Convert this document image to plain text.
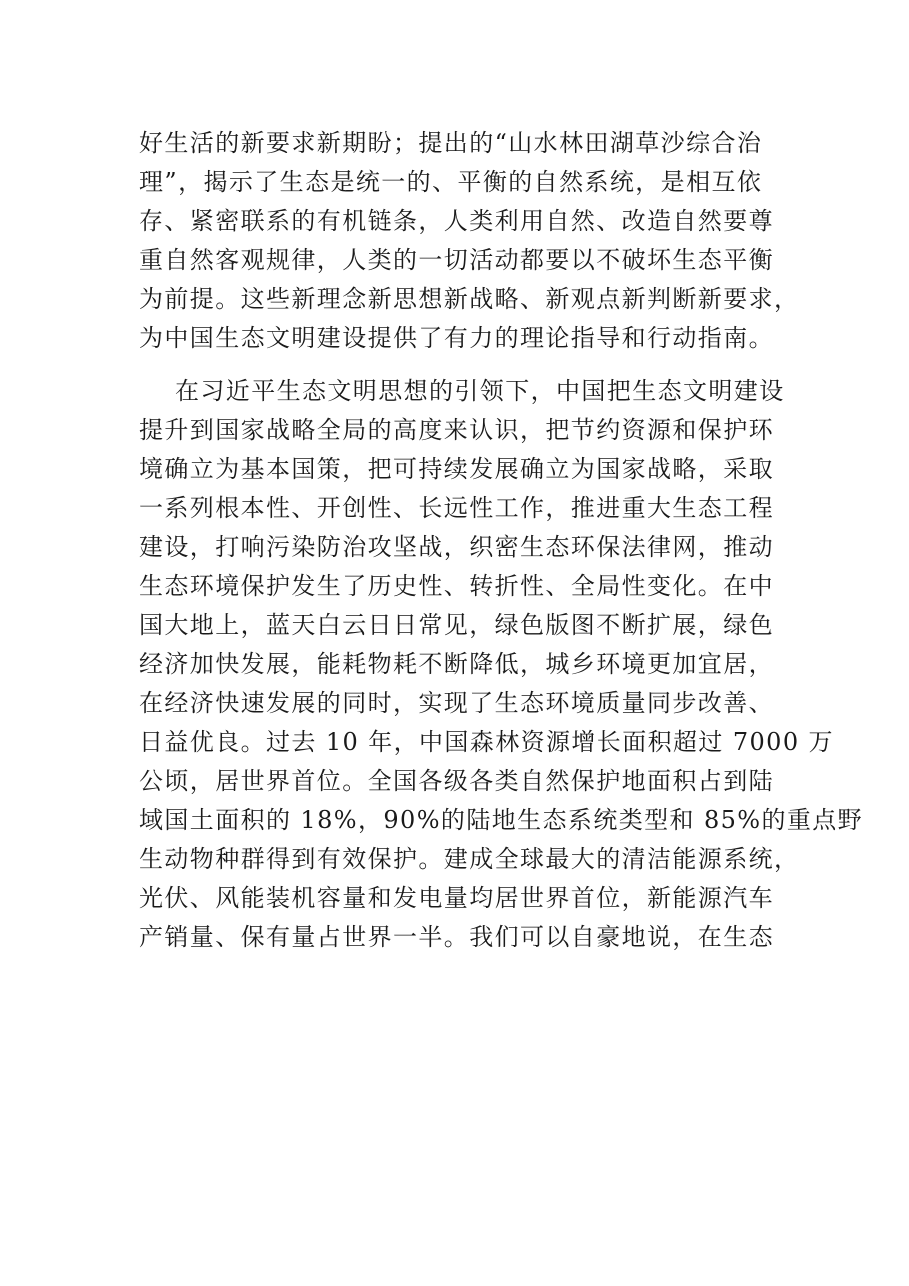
好生活的新要求新期盼；提出的“山水林田湖草沙综合治
理”，揭示了生态是统一的、平衡的自然系统，是相互依
存、紧密联系的有机链条，人类利用自然、改造自然要尊
重自然客观规律，人类的一切活动都要以不破坏生态平衡
为前提。这些新理念新思想新战略、新观点新判断新要求，
为中国生态文明建设提供了有力的理论指导和行动指南。
在习近平生态文明思想的引领下，中国把生态文明建设
提升到国家战略全局的高度来认识，把节约资源和保护环
境确立为基本国策，把可持续发展确立为国家战略，采取
一系列根本性、开创性、长远性工作，推进重大生态工程
建设，打响污染防治攻坚战，织密生态环保法律网，推动
生态环境保护发生了历史性、转折性、全局性变化。在中
国大地上，蓝天白云日日常见，绿色版图不断扩展，绿色
经济加快发展，能耗物耗不断降低，城乡环境更加宜居，
在经济快速发展的同时，实现了生态环境质量同步改善、
日益优良。过去 10 年，中国森林资源增长面积超过 7000 万
公顷，居世界首位。全国各级各类自然保护地面积占到陆
域国土面积的 18%，90%的陆地生态系统类型和 85%的重点野
生动物种群得到有效保护。建成全球最大的清洁能源系统，
光伏、风能装机容量和发电量均居世界首位，新能源汽车
产销量、保有量占世界一半。我们可以自豪地说，在生态
